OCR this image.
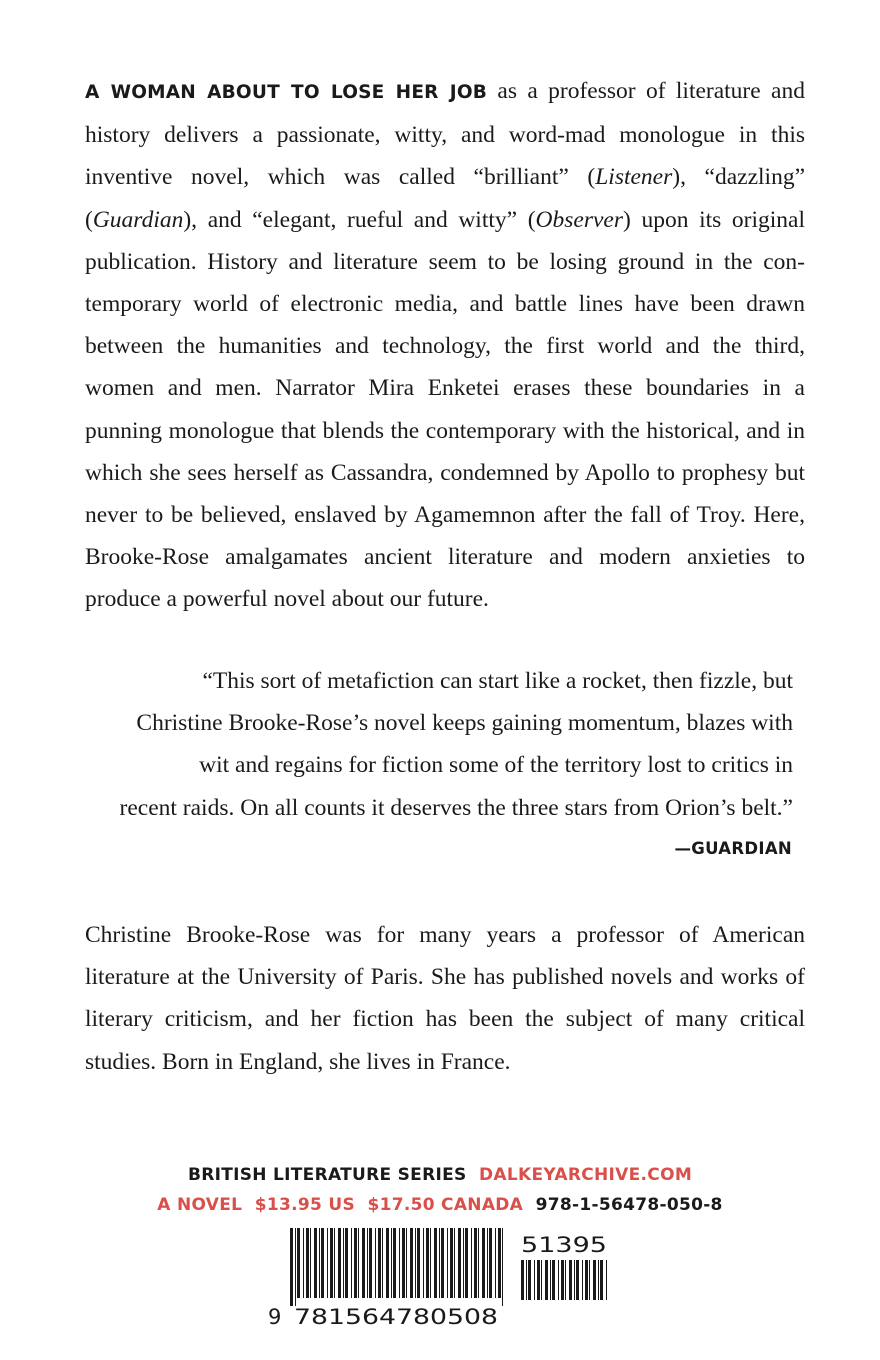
A WOMAN ABOUT TO LOSE HER JOB as a professor of literature and history delivers a passionate, witty, and word-mad monologue in this inventive novel, which was called “brilliant” (Listener), “dazzling” (Guardian), and “elegant, rueful and witty” (Observer) upon its original publication. History and literature seem to be losing ground in the contemporary world of electronic media, and battle lines have been drawn between the humanities and technology, the first world and the third, women and men. Narrator Mira Enketei erases these boundaries in a punning monologue that blends the contemporary with the historical, and in which she sees herself as Cassandra, condemned by Apollo to prophesy but never to be believed, enslaved by Agamemnon after the fall of Troy. Here, Brooke-Rose amalgamates ancient literature and modern anxieties to produce a powerful novel about our future.

“This sort of metafiction can start like a rocket, then fizzle, but
Christine Brooke-Rose’s novel keeps gaining momentum, blazes with
wit and regains for fiction some of the territory lost to critics in
recent raids. On all counts it deserves the three stars from Orion’s belt.”

—GUARDIAN

Christine Brooke-Rose was for many years a professor of American literature at the University of Paris. She has published novels and works of literary criticism, and her fiction has been the subject of many critical studies. Born in England, she lives in France.

BRITISH LITERATURE SERIES DALKEYARCHIVE.COM
A NOVEL $13.95 US $17.50 CANADA 978-1-56478-050-8
9 781564780508
51395
